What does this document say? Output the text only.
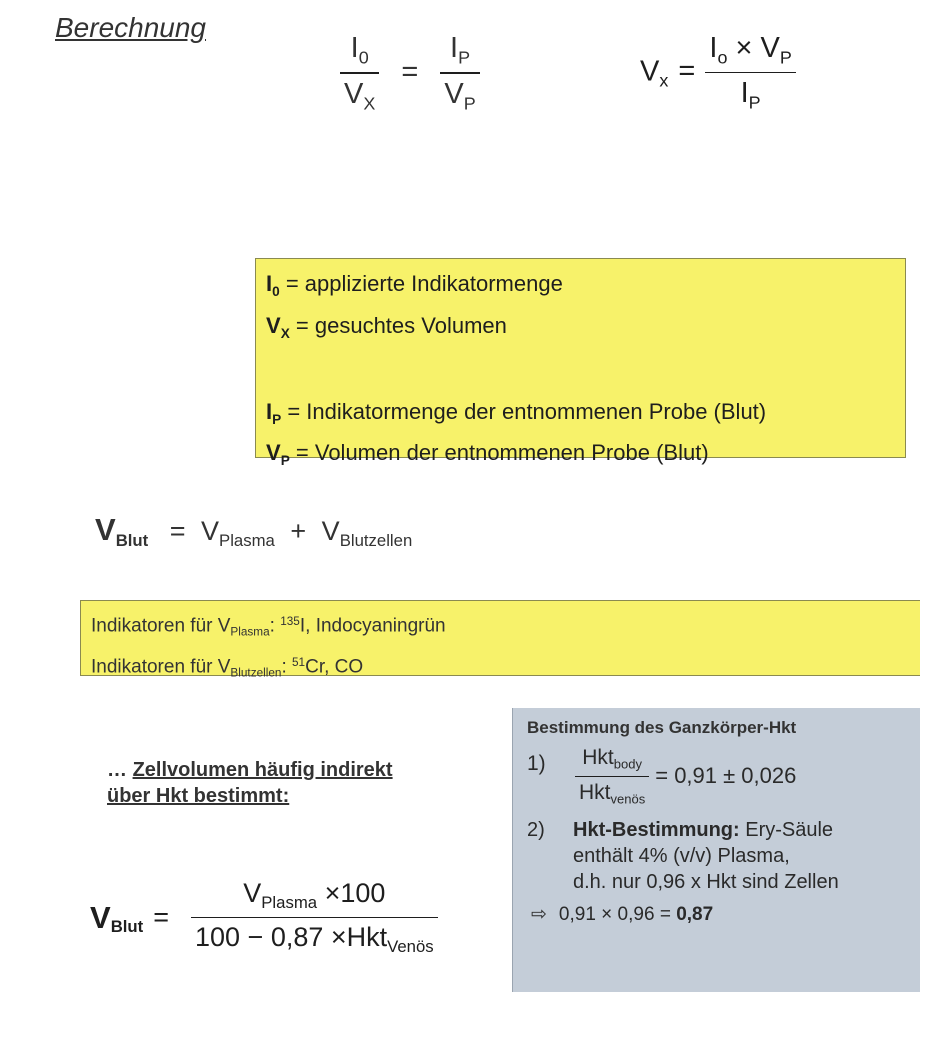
Berechnung
$\frac{I_0}{V_X} = \frac{I_P}{V_P}$	$V_x = \frac{I_o \times V_P}{I_P}$
$I_0$ = applizierte Indikatormenge
$V_X$ = gesuchtes Volumen
$I_P$ = Indikatormenge der entnommenen Probe (Blut)
$V_P$ = Volumen der entnommenen Probe (Blut)
$V_{Blut} = V_{Plasma} + V_{Blutzellen}$
Indikatoren für $V_{Plasma}$: $^{135}$I, Indocyaningrün
Indikatoren für $V_{Blutzellen}$: $^{51}$Cr, CO
… Zellvolumen häufig indirekt
über Hkt bestimmt:
V $_{Blut} = \frac{V_{Plasma} \times 100}{100 - 0,87 \times Hkt_{Venös}}$
Bestimmung des Ganzkörper-Hkt
1)	$\frac{Hkt_{body}}{Hkt_{venös}} = 0,91 \pm 0,026$
2)	Hkt-Bestimmung: Ery-Säule
enthält 4% (v/v) Plasma,
d.h. nur 0,96 x Hkt sind Zellen
⇨ 0,91 × 0,96 = 0,87
